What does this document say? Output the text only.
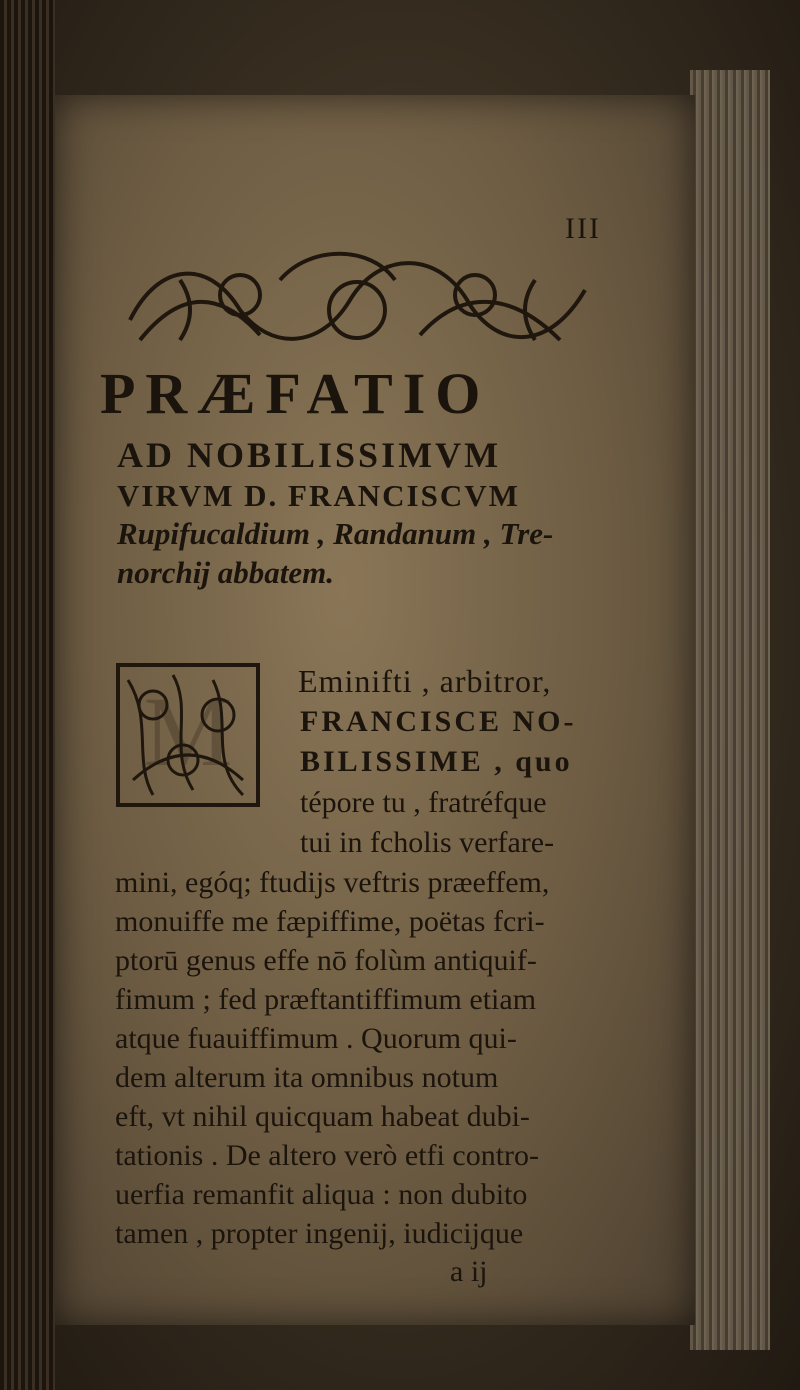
III
PRÆFATIO
AD NOBILISSIMVM
VIRVM D. FRANCISCVM
Rupifucaldium , Randanum , Tre-
norchij abbatem.
M Eminifti , arbitror,
FRANCISCE NO-
BILISSIME , quo
tépore tu , fratréfque
tui in fcholis verfare-
mini, egóq; ftudijs veftris præeffem,
monuiffe me fæpiffime, poëtas fcri-
ptorū genus effe nō folùm antiquif-
fimum ; fed præftantiffimum etiam
atque fuauiffimum . Quorum qui-
dem alterum ita omnibus notum
eft, vt nihil quicquam habeat dubi-
tationis . De altero verò etfi contro-
uerfia remanfit aliqua : non dubito
tamen , propter ingenij, iudicijque
a ij
